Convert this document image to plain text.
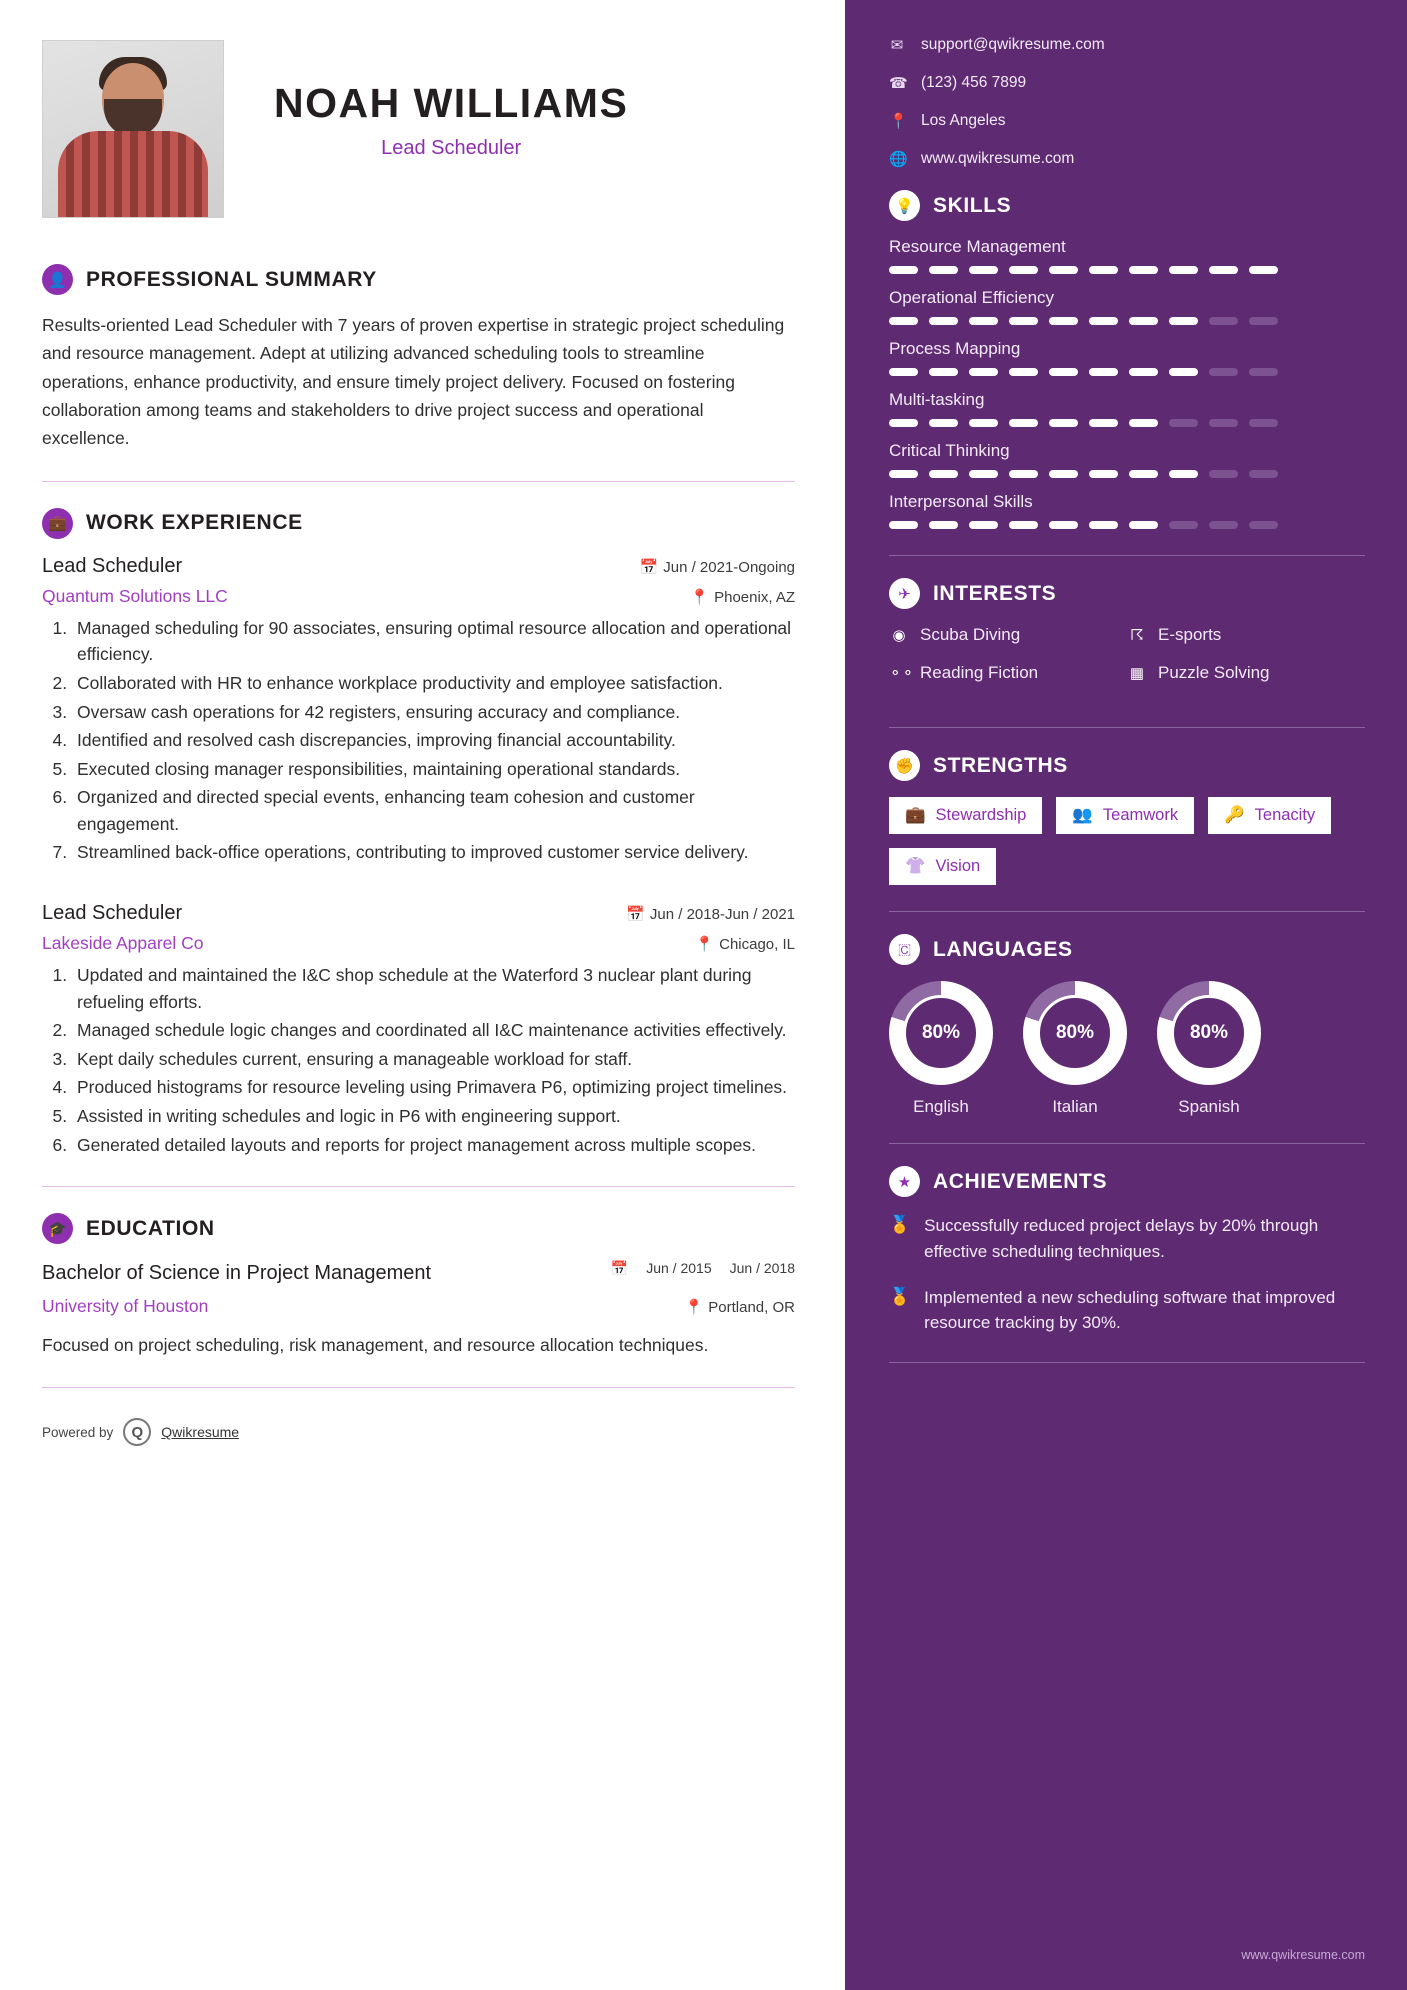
NOAH WILLIAMS
Lead Scheduler
👤 PROFESSIONAL SUMMARY
Results-oriented Lead Scheduler with 7 years of proven expertise in strategic project scheduling and resource management. Adept at utilizing advanced scheduling tools to streamline operations, enhance productivity, and ensure timely project delivery. Focused on fostering collaboration among teams and stakeholders to drive project success and operational excellence.
💼 WORK EXPERIENCE
Lead Scheduler	📅 Jun / 2021-Ongoing
Quantum Solutions LLC	📍 Phoenix, AZ
1. Managed scheduling for 90 associates, ensuring optimal resource allocation and operational efficiency.
2. Collaborated with HR to enhance workplace productivity and employee satisfaction.
3. Oversaw cash operations for 42 registers, ensuring accuracy and compliance.
4. Identified and resolved cash discrepancies, improving financial accountability.
5. Executed closing manager responsibilities, maintaining operational standards.
6. Organized and directed special events, enhancing team cohesion and customer engagement.
7. Streamlined back-office operations, contributing to improved customer service delivery.
Lead Scheduler	📅 Jun / 2018-Jun / 2021
Lakeside Apparel Co	📍 Chicago, IL
1. Updated and maintained the I&C shop schedule at the Waterford 3 nuclear plant during refueling efforts.
2. Managed schedule logic changes and coordinated all I&C maintenance activities effectively.
3. Kept daily schedules current, ensuring a manageable workload for staff.
4. Produced histograms for resource leveling using Primavera P6, optimizing project timelines.
5. Assisted in writing schedules and logic in P6 with engineering support.
6. Generated detailed layouts and reports for project management across multiple scopes.
🎓 EDUCATION
Bachelor of Science in Project Management	📅 Jun / 2015 Jun / 2018
University of Houston	📍 Portland, OR
Focused on project scheduling, risk management, and resource allocation techniques.
Powered by	Q	Qwikresume
✉ support@qwikresume.com
☎ (123) 456 7899
📍 Los Angeles
🌐 www.qwikresume.com
💡 SKILLS
Resource Management
Operational Efficiency
Process Mapping
Multi-tasking
Critical Thinking
Interpersonal Skills
✈	INTERESTS
◉ Scuba Diving	☈ E-sports
⚬⚬ Reading Fiction	▦ Puzzle Solving
✊ STRENGTHS
💼 Stewardship	👥 Teamwork	🔑 Tenacity
👚 Vision
🇨	LANGUAGES
80%
English
80%
Italian
80%
Spanish
★	ACHIEVEMENTS
🏅 Successfully reduced project delays by 20% through effective scheduling techniques.
🏅 Implemented a new scheduling software that improved resource tracking by 30%.
www.qwikresume.com
